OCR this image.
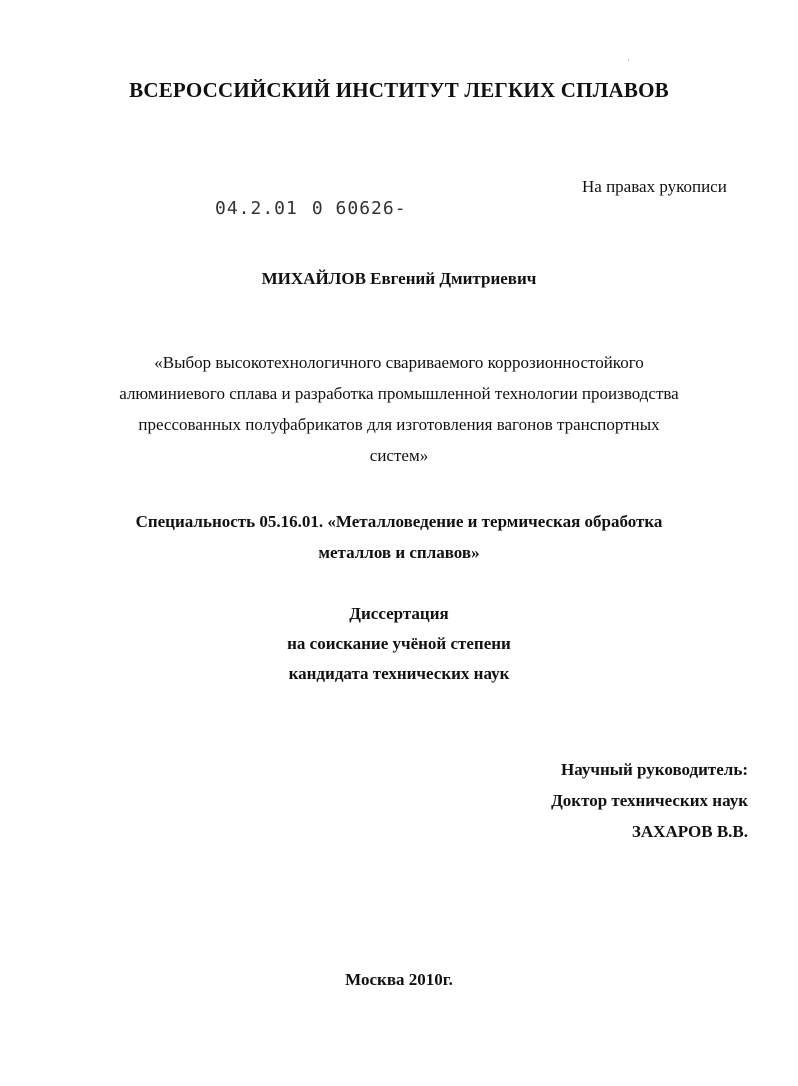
'
ВСЕРОССИЙСКИЙ ИНСТИТУТ ЛЕГКИХ СПЛАВОВ
На правах рукописи
04.2.01 0 60626-
МИХАЙЛОВ Евгений Дмитриевич
«Выбор высокотехнологичного свариваемого коррозионностойкого
алюминиевого сплава и разработка промышленной технологии производства
прессованных полуфабрикатов для изготовления вагонов транспортных
систем»
Специальность 05.16.01. «Металловедение и термическая обработка
металлов и сплавов»
Диссертация
на соискание учёной степени
кандидата технических наук
Научный руководитель:
Доктор технических наук
ЗАХАРОВ В.В.
Москва 2010г.
